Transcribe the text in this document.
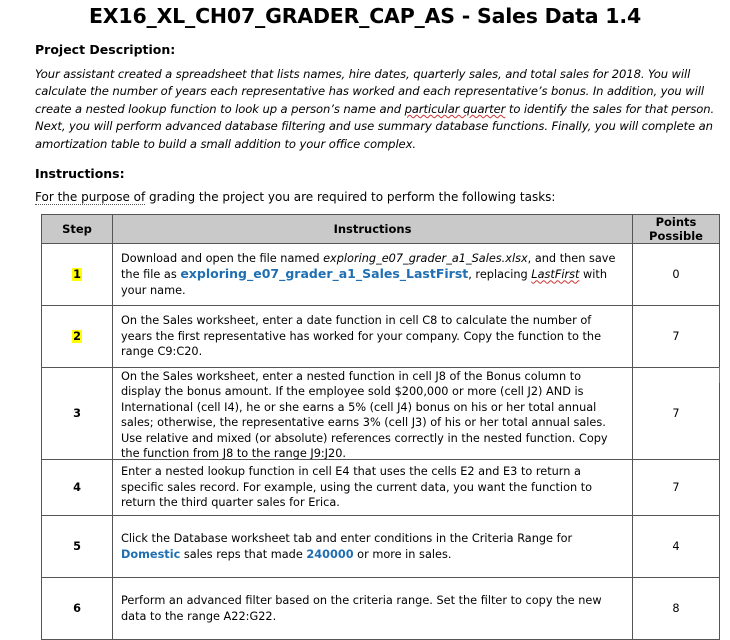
EX16_XL_CH07_GRADER_CAP_AS - Sales Data 1.4
Project Description:
Your assistant created a spreadsheet that lists names, hire dates, quarterly sales, and total sales for 2018. You will calculate the number of years each representative has worked and each representative’s bonus. In addition, you will create a nested lookup function to look up a person’s name and particular quarter to identify the sales for that person. Next, you will perform advanced database filtering and use summary database functions. Finally, you will complete an amortization table to build a small addition to your office complex.
Instructions:
For the purpose of grading the project you are required to perform the following tasks:
Step	Instructions	Points Possible
1	Download and open the file named exploring_e07_grader_a1_Sales.xlsx, and then save the file as exploring_e07_grader_a1_Sales_LastFirst, replacing LastFirst with your name.	0
2	On the Sales worksheet, enter a date function in cell C8 to calculate the number of years the first representative has worked for your company. Copy the function to the range C9:C20.	7
3	On the Sales worksheet, enter a nested function in cell J8 of the Bonus column to display the bonus amount. If the employee sold $200,000 or more (cell J2) AND is International (cell I4), he or she earns a 5% (cell J4) bonus on his or her total annual sales; otherwise, the representative earns 3% (cell J3) of his or her total annual sales. Use relative and mixed (or absolute) references correctly in the nested function. Copy the function from J8 to the range J9:J20.	7
4	Enter a nested lookup function in cell E4 that uses the cells E2 and E3 to return a specific sales record. For example, using the current data, you want the function to return the third quarter sales for Erica.	7
5	Click the Database worksheet tab and enter conditions in the Criteria Range for Domestic sales reps that made 240000 or more in sales.	4
6	Perform an advanced filter based on the criteria range. Set the filter to copy the new data to the range A22:G22.	8
